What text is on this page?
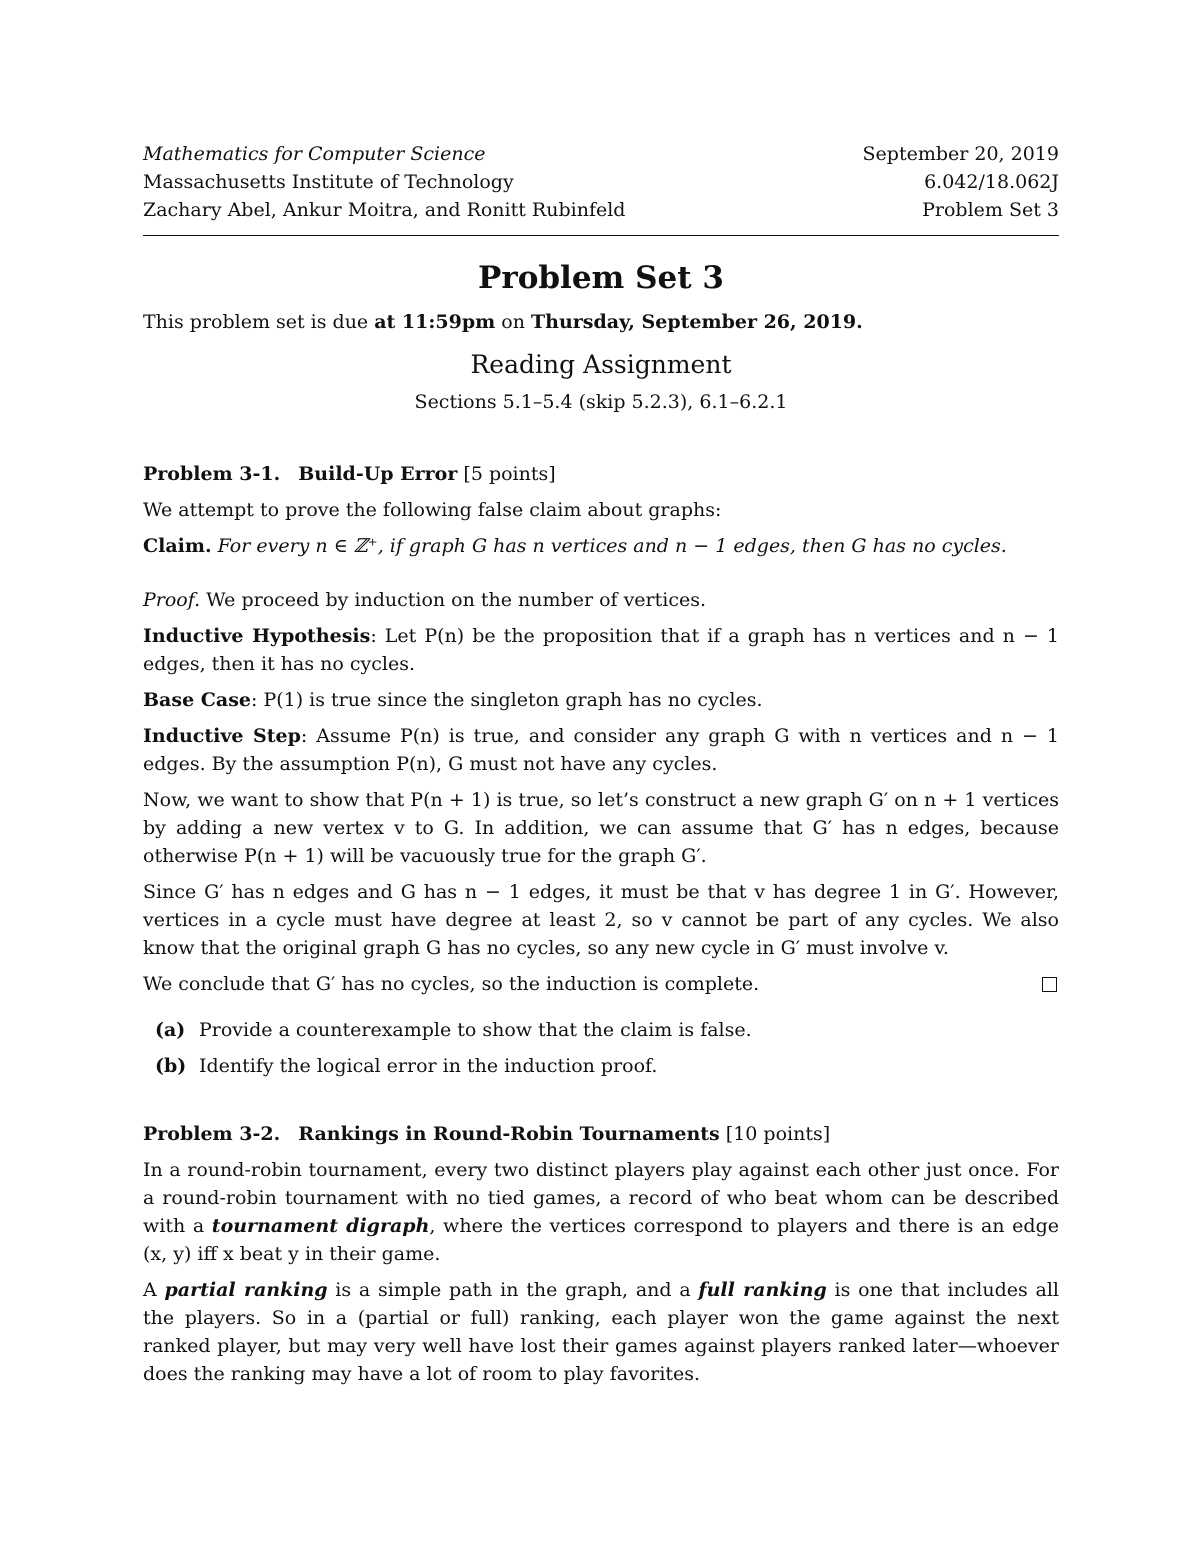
Mathematics for Computer Science
Massachusetts Institute of Technology
Zachary Abel, Ankur Moitra, and Ronitt Rubinfeld
September 20, 2019
6.042/18.062J
Problem Set 3
Problem Set 3
This problem set is due at 11:59pm on Thursday, September 26, 2019.
Reading Assignment
Sections 5.1–5.4 (skip 5.2.3), 6.1–6.2.1
Problem 3-1. Build-Up Error [5 points]
We attempt to prove the following false claim about graphs:
Claim. For every n ∈ ℤ⁺, if graph G has n vertices and n − 1 edges, then G has no cycles.
Proof. We proceed by induction on the number of vertices.
Inductive Hypothesis: Let P(n) be the proposition that if a graph has n vertices and n − 1 edges, then it has no cycles.
Base Case: P(1) is true since the singleton graph has no cycles.
Inductive Step: Assume P(n) is true, and consider any graph G with n vertices and n − 1 edges. By the assumption P(n), G must not have any cycles.
Now, we want to show that P(n + 1) is true, so let’s construct a new graph G′ on n + 1 vertices by adding a new vertex v to G. In addition, we can assume that G′ has n edges, because otherwise P(n + 1) will be vacuously true for the graph G′.
Since G′ has n edges and G has n − 1 edges, it must be that v has degree 1 in G′. However, vertices in a cycle must have degree at least 2, so v cannot be part of any cycles. We also know that the original graph G has no cycles, so any new cycle in G′ must involve v.
We conclude that G′ has no cycles, so the induction is complete.
(a) Provide a counterexample to show that the claim is false.
(b) Identify the logical error in the induction proof.
Problem 3-2. Rankings in Round-Robin Tournaments [10 points]
In a round-robin tournament, every two distinct players play against each other just once. For a round-robin tournament with no tied games, a record of who beat whom can be described with a tournament digraph, where the vertices correspond to players and there is an edge (x, y) iff x beat y in their game.
A partial ranking is a simple path in the graph, and a full ranking is one that includes all the players. So in a (partial or full) ranking, each player won the game against the next ranked player, but may very well have lost their games against players ranked later—whoever does the ranking may have a lot of room to play favorites.
